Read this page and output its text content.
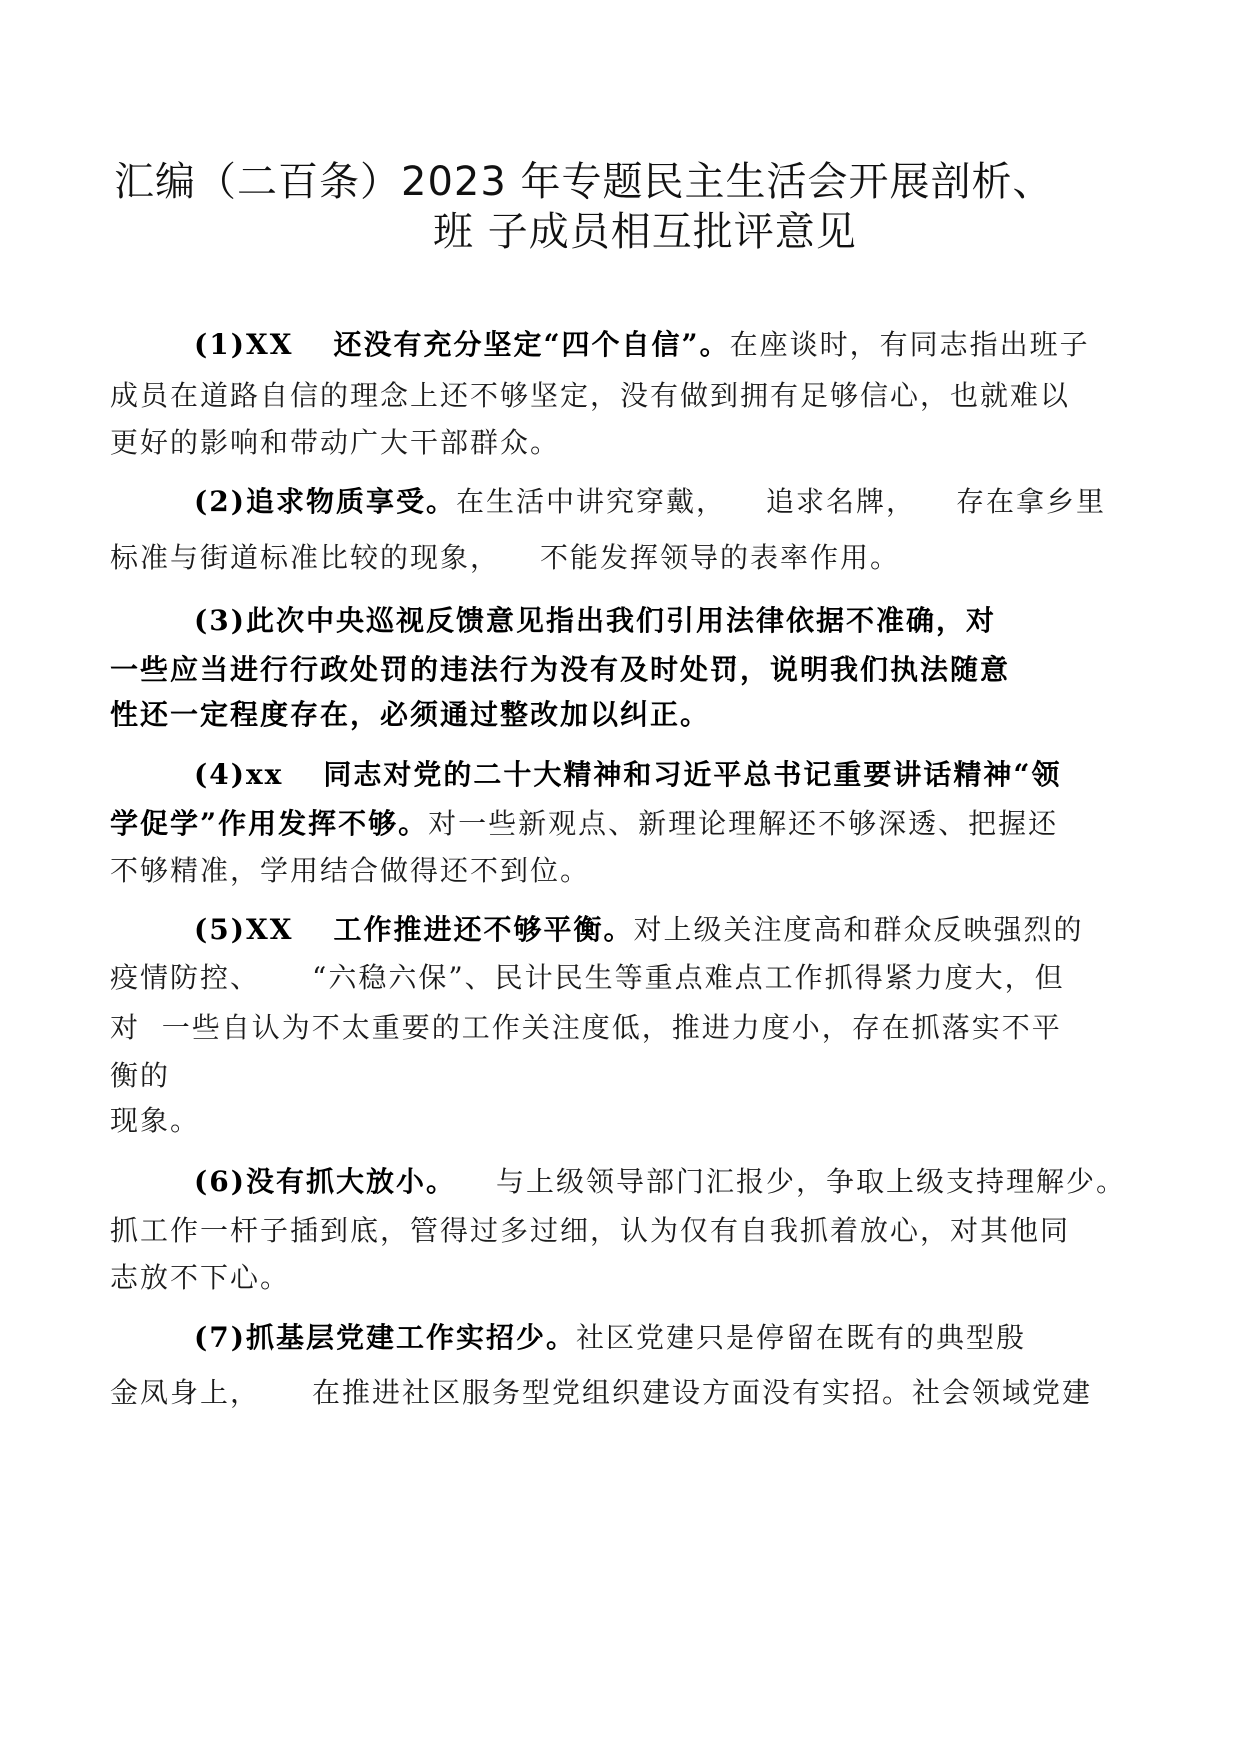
汇编（二百条）2023 年专题民主生活会开展剖析、
班 子成员相互批评意见
(1)XX 还没有充分坚定“四个自信”。在座谈时，有同志指出班子
成员在道路自信的理念上还不够坚定，没有做到拥有足够信心，也就难以
更好的影响和带动广大干部群众。
(2)追求物质享受。在生活中讲究穿戴， 追求名牌， 存在拿乡里
标准与街道标准比较的现象， 不能发挥领导的表率作用。
(3)此次中央巡视反馈意见指出我们引用法律依据不准确，对
一些应当进行行政处罚的违法行为没有及时处罚，说明我们执法随意
性还一定程度存在，必须通过整改加以纠正。
(4)xx 同志对党的二十大精神和习近平总书记重要讲话精神“领
学促学”作用发挥不够。对一些新观点、新理论理解还不够深透、把握还
不够精准，学用结合做得还不到位。
(5)XX 工作推进还不够平衡。对上级关注度高和群众反映强烈的
疫情防控、 “六稳六保”、民计民生等重点难点工作抓得紧力度大，但
对  一些自认为不太重要的工作关注度低，推进力度小，存在抓落实不平
衡的
现象。
(6)没有抓大放小。 与上级领导部门汇报少，争取上级支持理解少。
抓工作一杆子插到底，管得过多过细，认为仅有自我抓着放心，对其他同
志放不下心。
(7)抓基层党建工作实招少。社区党建只是停留在既有的典型殷
金凤身上， 在推进社区服务型党组织建设方面没有实招。社会领域党建
